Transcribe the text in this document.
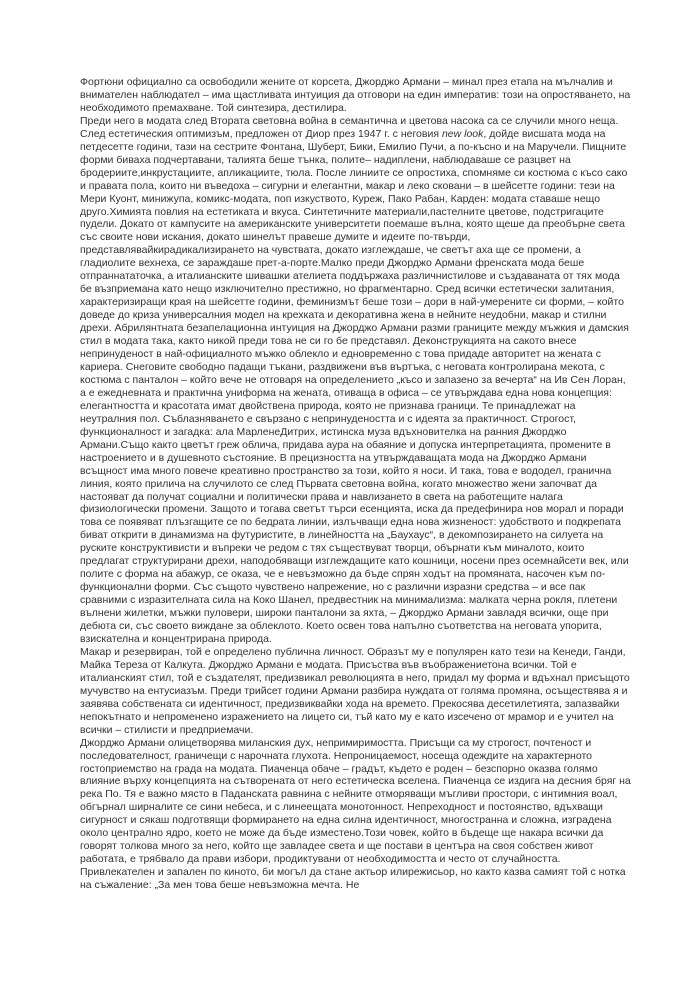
Фортюни официално са освободили жените от корсета, Джорджо Армани – минал през етапа на мълчалив и внимателен наблюдател – има щастливата интуиция да отговори на един императив: този на опростяването, на необходимото премахване. Той синтезира, дестилира.

Преди него в модата след Втората световна война в семантична и цветова насока са се случили много неща. След естетическия оптимизъм, предложен от Диор през 1947 г. с неговия new look, дойде висшата мода на петдесетте години, тази на сестрите Фонтана, Шуберт, Бики, Емилио Пучи, а по-късно и на Маручели. Пищните форми биваха подчертавани, талията беше тънка, полите– надиплени, наблюдаваше се разцвет на бродериите,инкрустациите, апликациите, тюла. После линиите се опростиха, спомняме си костюма с късо сако и правата пола, които ни въведоха – сигурни и елегантни, макар и леко сковани – в шейсетте години: тези на Мери Куонт, минижупа, комикс-модата, поп изкуството, Куреж, Пако Рабан, Карден: модата ставаше нещо друго.Химията повлия на естетиката и вкуса. Синтетичните материали,пастелните цветове, подстригаците пудели. Докато от кампусите на американските университети поемаше вълна, която щеше да преобърне света със своите нови искания, докато шинелът правеше думите и идеите по-твърди, представлявайкирадикализирането на чувствата, докато изглеждаше, че светът аха ще се промени, а гладиолите вехнеха, се зараждаше прет-а-порте.Малко преди Джорджо Армани френската мода беше отпраннататочка, а италианските шивашки ателиета поддържаха различнистилове и създаваната от тях мода бе възприемана като нещо изключително престижно, но фрагментарно. Сред всички естетически залитания, характеризиращи края на шейсетте години, феминизмът беше този – дори в най-умерените си форми, – който доведе до криза универсалния модел на крехката и декоративна жена в нейните неудобни, макар и стилни дрехи. Абрилянтната безапелационна интуиция на Джорджо Армани разми границите между мъжкия и дамския стил в модата така, както никой преди това не си го бе представял. Деконструкцията на сакото внесе непринуденост в най-официалното мъжко облекло и едновременно с това придаде авторитет на жената с кариера. Снеговите свободно падащи тъкани, раздвижени във въртъка, с неговата контролирана мекота, с костюма с панталон – който вече не отговаря на определението „късо и запазено за вечерта“ на Ив Сен Лоран, а е ежедневната и практична униформа на жената, отиваща в офиса – се утвърждава една нова концепция: елегантността и красотата имат двойствена природа, която не признава граници. Те принадлежат на неутралния пол. Съблазняването е свързано с непринудеността и с идеята за практичност. Строгост, функционалност и загадка: ала МарленеДитрих, истинска муза вдъхновителка на ранния Джорджо Армани.Също както цветът греж облича, придава аура на обаяние и допуска интерпретацията, промените в настроението и в душевното състояние. В прецизността на утвърждаващата мода на Джорджо Армани всъщност има много повече креативно пространство за този, който я носи. И така, това е вододел, гранична линия, която прилича на случилото се след Първата световна война, когато множество жени започват да настояват да получат социални и политически права и навлизането в света на работещите налага физиологически промени. Защото и тогава светът търси есенцията, иска да предефинира нов морал и поради това се появяват плъзгащите се по бедрата линии, излъчващи една нова жизненост: удобството и подкрепата биват открити в динамизма на футуристите, в линейността на „Баухаус“, в декомпозирането на силуета на руските конструктивисти и въпреки че редом с тях съществуват творци, обърнати към миналото, които предлагат структурирани дрехи, наподобяващи изглеждащите като кошници, носени през осемнайсети век, или полите с форма на абажур, се оказа, че е невъзможно да бъде спрян ходът на промяната, насочен към по-функционални форми. Със същото чувствено напрежение, но с различни изразни средства – и все пак сравними с изразителната сила на Коко Шанел, предвестник на минимализма: малката черна рокля, плетени вълнени жилетки, мъжки пуловери, широки панталони за яхта, – Джорджо Армани завладя всички, още при дебюта си, със своето виждане за облеклото. Което освен това напълно съответства на неговата упорита, взискателна и концентрирана природа.

Макар и резервиран, той е определено публична личност. Образът му е популярен като тези на Кенеди, Ганди, Майка Тереза от Калкута. Джорджо Армани е модата. Присъства във въображениетона всички. Той е италианският стил, той е създателят, предизвикал революцията в него, придал му форма и вдъхнал присъщото мучувство на ентусиазъм. Преди трийсет години Армани разбира нуждата от голяма промяна, осъществява я и заявява собствената си идентичност, предизвиквайки хода на времето. Прекосява десетилетията, запазвайки непокътнато и непроменено изражението на лицето си, тъй като му е като изсечено от мрамор и е учител на всички – стилисти и предприемачи.

Джорджо Армани олицетворява миланския дух, непримиримостта. Присъщи са му строгост, почтеност и последователност, граничещи с нарочната глухота. Непроницаемост, носеща одеждите на характерното гостоприемство на града на модата. Пиаченца обаче – градът, където е роден – безспорно оказва голямо влияние върху концепцията на сътворената от него естетическа вселена. Пиаченца се издига на десния бряг на река По. Тя е важно място в Паданската равнина с нейните отморяващи мъгливи простори, с интимния воал, обгърнал ширналите се сини небеса, и с линеещата монотонност. Непреходност и постоянство, вдъхващи сигурност и сякаш подготвящи формирането на една силна идентичност, многостранна и сложна, изградена около централно ядро, което не може да бъде изместено.Този човек, който в бъдеще ще накара всички да говорят толкова много за него, който ще завладее света и ще постави в центъра на своя собствен живот работата, е трябвало да прави избори, продиктувани от необходимостта и често от случайността. Привлекателен и запален по киното, би могъл да стане актьор илирежисьор, но както казва самият той с нотка на съжаление: „За мен това беше невъзможна мечта. Не
